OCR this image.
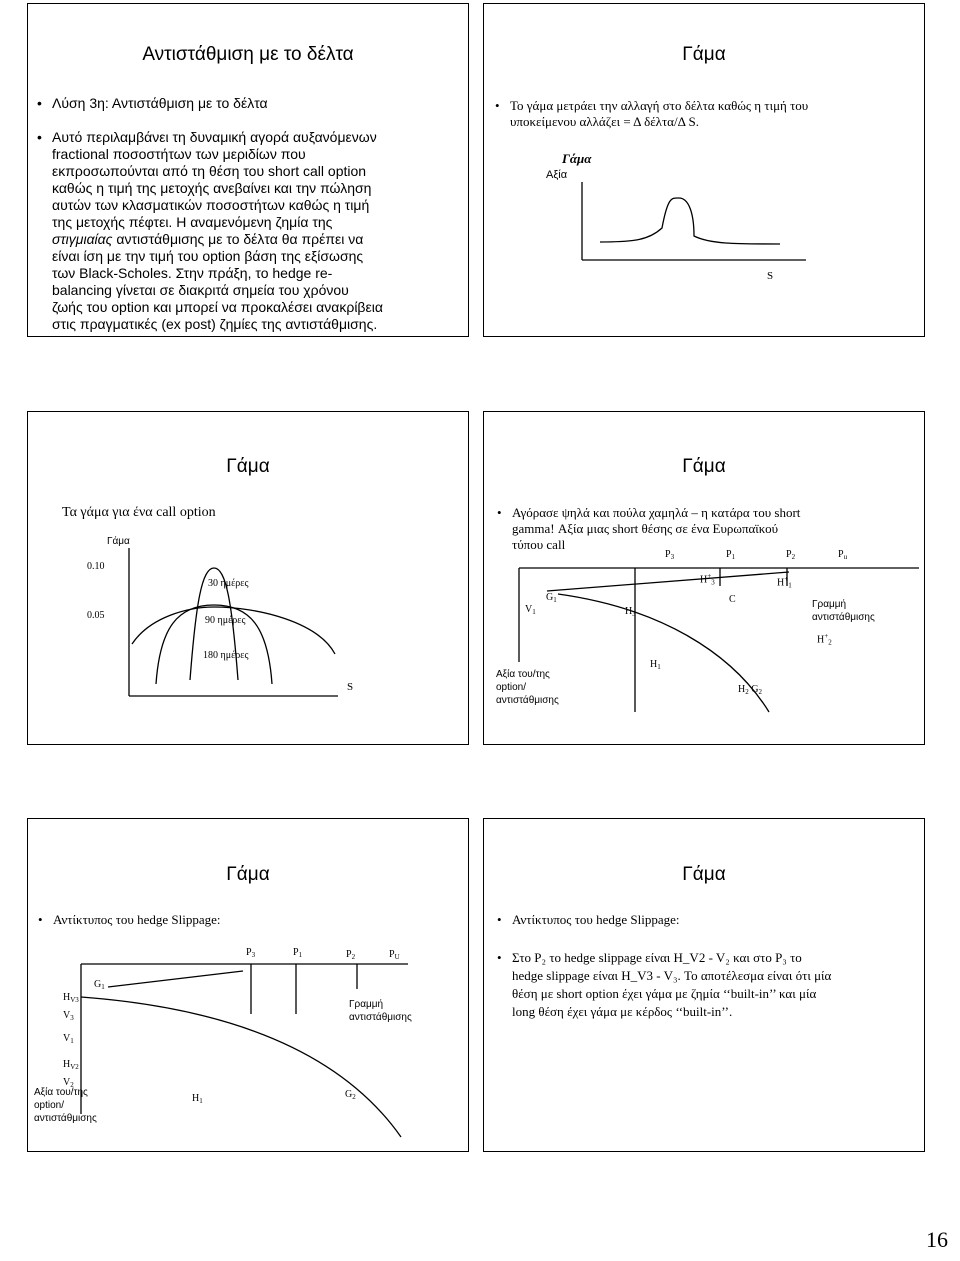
Αντιστάθμιση με το δέλτα
• Λύση 3η: Αντιστάθμιση με το δέλτα
• Αυτό περιλαμβάνει τη δυναμική αγορά αυξανόμενων
fractional ποσοστήτων των μεριδίων που
εκπροσωπούνται από τη θέση του short call option
καθώς η τιμή της μετοχής ανεβαίνει και την πώληση
αυτών των κλασματικών ποσοστήτων καθώς η τιμή
της μετοχής πέφτει. Η αναμενόμενη ζημία της
στιγμιαίας αντιστάθμισης με το δέλτα θα πρέπει να
είναι ίση με την τιμή του option βάση της εξίσωσης
των Black-Scholes. Στην πράξη, το hedge re-
balancing γίνεται σε διακριτά σημεία του χρόνου
ζωής του option και μπορεί να προκαλέσει ανακρίβεια
στις πραγματικές (ex post) ζημίες της αντιστάθμισης.
Γάμα
• Το γάμα μετράει την αλλαγή στο δέλτα καθώς η τιμή του
υποκείμενου αλλάζει = Δ δέλτα/Δ S.
Γάμα
Αξία
S
Γάμα
Τα γάμα για ένα call option
Γάμα
0.10
0.05
30 ημέρες
90 ημέρες
180 ημέρες
S
Γάμα
• Αγόρασε ψηλά και πούλα χαμηλά – η κατάρα του short
gamma! Αξία μιας short θέσης σε ένα Ευρωπαϊκού
τύπου call
$P_3$	$P_1$	$P_2$	$P_u$
$H^+_3$	$H^+_1$
$G_1$	C
$V_1$	$H_3$
Γραμμή
αντιστάθμισης
$H^+_2$
$H_1$
Αξία του/της
option/
αντιστάθμισης
$H_2$ $G_2$
Γάμα
• Αντίκτυπος του hedge Slippage:
$P_3$	$P_1$	$P_2$	$P_U$
$G_1$
$H_{V3}$
$V_3$
Γραμμή
αντιστάθμισης
$V_1$
$H_{V2}$
$V_2$
Αξία του/της
option/
αντιστάθμισης
$H_1$
$G_2$
Γάμα
• Αντίκτυπος του hedge Slippage:
• Στο P₂ το hedge slippage είναι H_V2 - V₂ και στο P₃ το
hedge slippage είναι H_V3 - V₃. Το αποτέλεσμα είναι ότι μία
θέση με short option έχει γάμα με ζημία ‘‘built-in’’ και μία
long θέση έχει γάμα με κέρδος ‘‘built-in’’.
16
